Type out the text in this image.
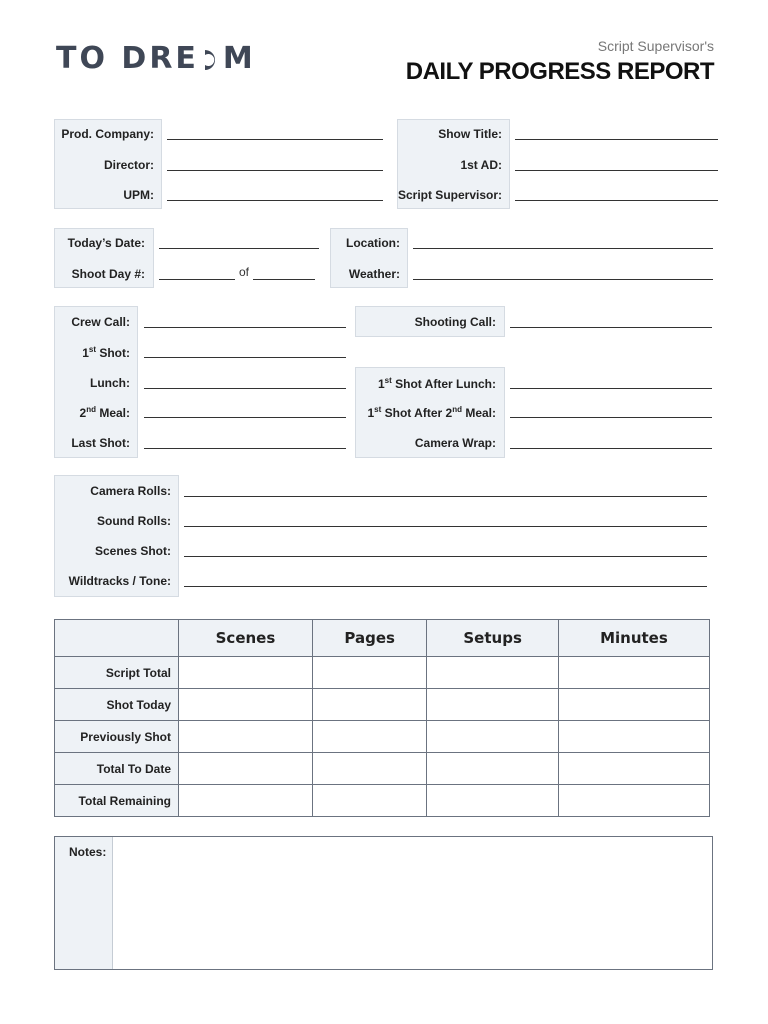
TO DRE M	Script Supervisor's
DAILY PROGRESS REPORT
Prod. Company:
Director:
UPM:
Show Title:
1st AD:
Script Supervisor:
Today’s Date:
Shoot Day #:	of
Location:
Weather:
Crew Call:
1st Shot:
Lunch:
2nd Meal:
Last Shot:
Shooting Call:
1st Shot After Lunch:
1st Shot After 2nd Meal:
Camera Wrap:
Camera Rolls:
Sound Rolls:
Scenes Shot:
Wildtracks / Tone:
	Scenes	Pages	Setups	Minutes
Script Total				
Shot Today				
Previously Shot				
Total To Date				
Total Remaining				
Notes:
